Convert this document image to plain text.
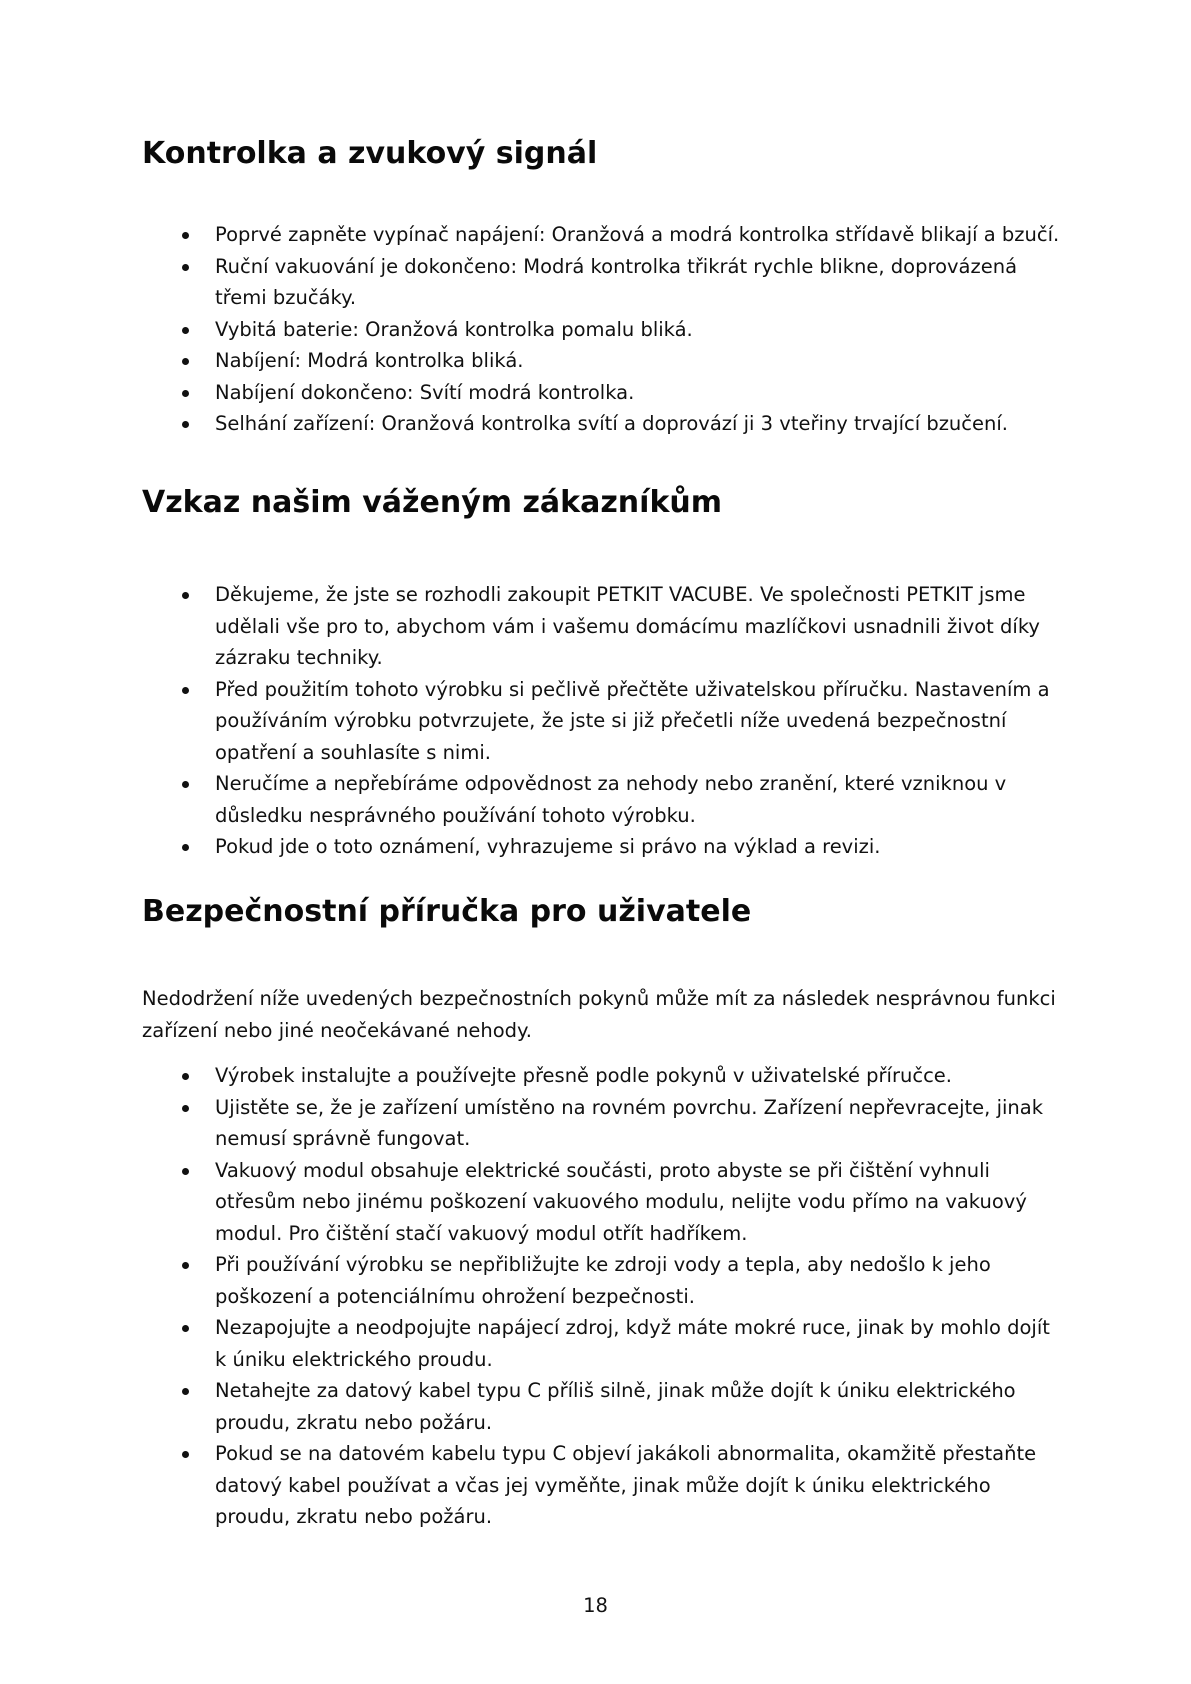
Kontrolka a zvukový signál
Poprvé zapněte vypínač napájení: Oranžová a modrá kontrolka střídavě blikají a bzučí.
Ruční vakuování je dokončeno: Modrá kontrolka třikrát rychle blikne, doprovázená třemi bzučáky.
Vybitá baterie: Oranžová kontrolka pomalu bliká.
Nabíjení: Modrá kontrolka bliká.
Nabíjení dokončeno: Svítí modrá kontrolka.
Selhání zařízení: Oranžová kontrolka svítí a doprovází ji 3 vteřiny trvající bzučení.
Vzkaz našim váženým zákazníkům
Děkujeme, že jste se rozhodli zakoupit PETKIT VACUBE. Ve společnosti PETKIT jsme udělali vše pro to, abychom vám i vašemu domácímu mazlíčkovi usnadnili život díky zázraku techniky.
Před použitím tohoto výrobku si pečlivě přečtěte uživatelskou příručku. Nastavením a používáním výrobku potvrzujete, že jste si již přečetli níže uvedená bezpečnostní opatření a souhlasíte s nimi.
Neručíme a nepřebíráme odpovědnost za nehody nebo zranění, které vzniknou v důsledku nesprávného používání tohoto výrobku.
Pokud jde o toto oznámení, vyhrazujeme si právo na výklad a revizi.
Bezpečnostní příručka pro uživatele

Nedodržení níže uvedených bezpečnostních pokynů může mít za následek nesprávnou funkci zařízení nebo jiné neočekávané nehody.

Výrobek instalujte a používejte přesně podle pokynů v uživatelské příručce.
Ujistěte se, že je zařízení umístěno na rovném povrchu. Zařízení nepřevracejte, jinak nemusí správně fungovat.
Vakuový modul obsahuje elektrické součásti, proto abyste se při čištění vyhnuli otřesům nebo jinému poškození vakuového modulu, nelijte vodu přímo na vakuový modul. Pro čištění stačí vakuový modul otřít hadříkem.
Při používání výrobku se nepřibližujte ke zdroji vody a tepla, aby nedošlo k jeho poškození a potenciálnímu ohrožení bezpečnosti.
Nezapojujte a neodpojujte napájecí zdroj, když máte mokré ruce, jinak by mohlo dojít k úniku elektrického proudu.
Netahejte za datový kabel typu C příliš silně, jinak může dojít k úniku elektrického proudu, zkratu nebo požáru.
Pokud se na datovém kabelu typu C objeví jakákoli abnormalita, okamžitě přestaňte datový kabel používat a včas jej vyměňte, jinak může dojít k úniku elektrického proudu, zkratu nebo požáru.
18
